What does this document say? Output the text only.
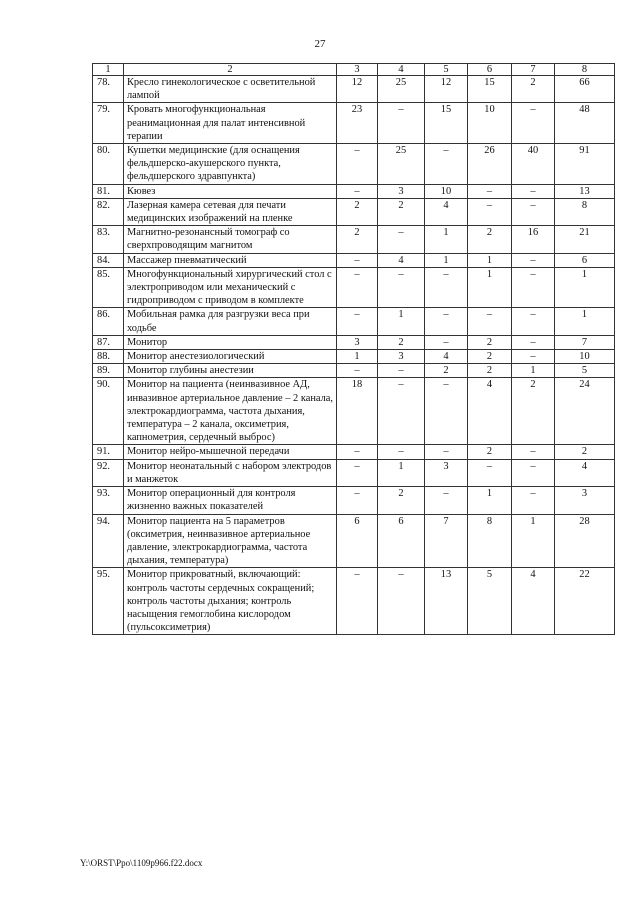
27
1	2	3	4	5	6	7	8
78.	Кресло гинекологическое с осветительной лампой	12	25	12	15	2	66
79.	Кровать многофункциональная реанимационная для палат интенсивной терапии	23	–	15	10	–	48
80.	Кушетки медицинские (для оснащения фельдшерско-акушерского пункта, фельдшерского здравпункта)	–	25	–	26	40	91
81.	Кювез	–	3	10	–	–	13
82.	Лазерная камера сетевая для печати медицинских изображений на пленке	2	2	4	–	–	8
83.	Магнитно-резонансный томограф со сверхпроводящим магнитом	2	–	1	2	16	21
84.	Массажер пневматический	–	4	1	1	–	6
85.	Многофункциональный хирургический стол с электроприводом или механический с гидроприводом с приводом в комплекте	–	–	–	1	–	1
86.	Мобильная рамка для разгрузки веса при ходьбе	–	1	–	–	–	1
87.	Монитор	3	2	–	2	–	7
88.	Монитор анестезиологический	1	3	4	2	–	10
89.	Монитор глубины анестезии	–	–	2	2	1	5
90.	Монитор на пациента (неинвазивное АД, инвазивное артериальное давление – 2 канала, электрокардиограмма, частота дыхания, температура – 2 канала, оксиметрия, капнометрия, сердечный выброс)	18	–	–	4	2	24
91.	Монитор нейро-мышечной передачи	–	–	–	2	–	2
92.	Монитор неонатальный с набором электродов и манжеток	–	1	3	–	–	4
93.	Монитор операционный для контроля жизненно важных показателей	–	2	–	1	–	3
94.	Монитор пациента на 5 параметров (оксиметрия, неинвазивное артериальное давление, электрокардиограмма, частота дыхания, температура)	6	6	7	8	1	28
95.	Монитор прикроватный, включающий: контроль частоты сердечных сокращений; контроль частоты дыхания; контроль насыщения гемоглобина кислородом (пульсоксиметрия)	–	–	13	5	4	22
Y:\ORST\Ppo\1109p966.f22.docx
